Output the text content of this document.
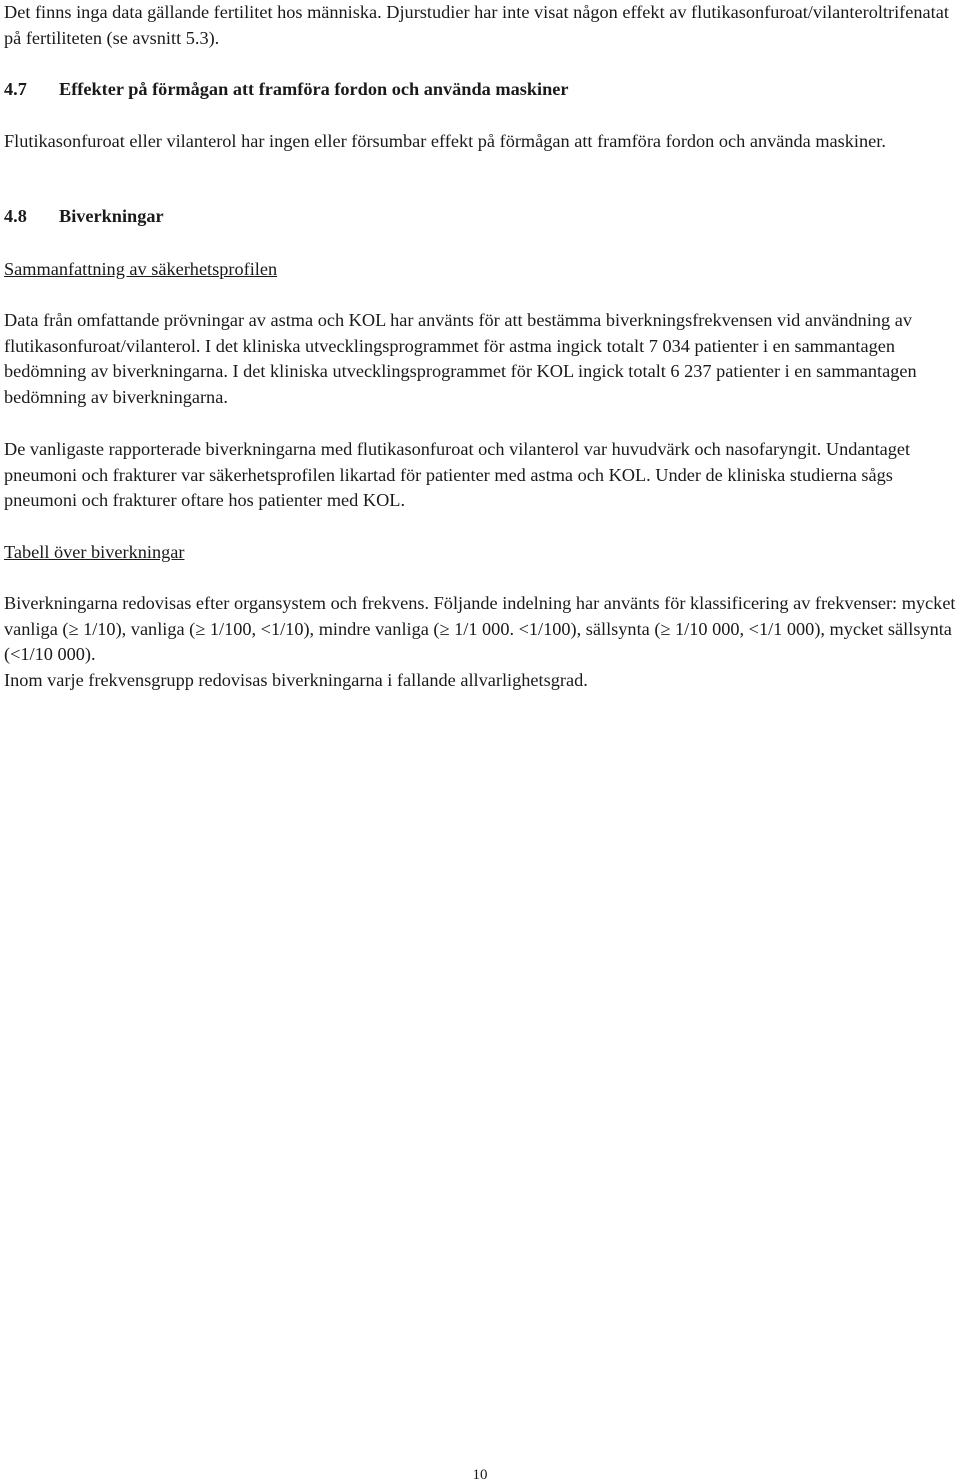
Det finns inga data gällande fertilitet hos människa. Djurstudier har inte visat någon effekt av flutikasonfuroat/vilanteroltrifenatat på fertiliteten (se avsnitt 5.3).

4.7 Effekter på förmågan att framföra fordon och använda maskiner

Flutikasonfuroat eller vilanterol har ingen eller försumbar effekt på förmågan att framföra fordon och använda maskiner.

4.8 Biverkningar

Sammanfattning av säkerhetsprofilen

Data från omfattande prövningar av astma och KOL har använts för att bestämma biverkningsfrekvensen vid användning av flutikasonfuroat/vilanterol. I det kliniska utvecklingsprogrammet för astma ingick totalt 7 034 patienter i en sammantagen bedömning av biverkningarna. I det kliniska utvecklingsprogrammet för KOL ingick totalt 6 237 patienter i en sammantagen bedömning av biverkningarna.

De vanligaste rapporterade biverkningarna med flutikasonfuroat och vilanterol var huvudvärk och nasofaryngit. Undantaget pneumoni och frakturer var säkerhetsprofilen likartad för patienter med astma och KOL. Under de kliniska studierna sågs pneumoni och frakturer oftare hos patienter med KOL.

Tabell över biverkningar

Biverkningarna redovisas efter organsystem och frekvens. Följande indelning har använts för klassificering av frekvenser: mycket vanliga (≥ 1/10), vanliga (≥ 1/100, <1/10), mindre vanliga (≥ 1/1 000. <1/100), sällsynta (≥ 1/10 000, <1/1 000), mycket sällsynta (<1/10 000).

Inom varje frekvensgrupp redovisas biverkningarna i fallande allvarlighetsgrad.

10
